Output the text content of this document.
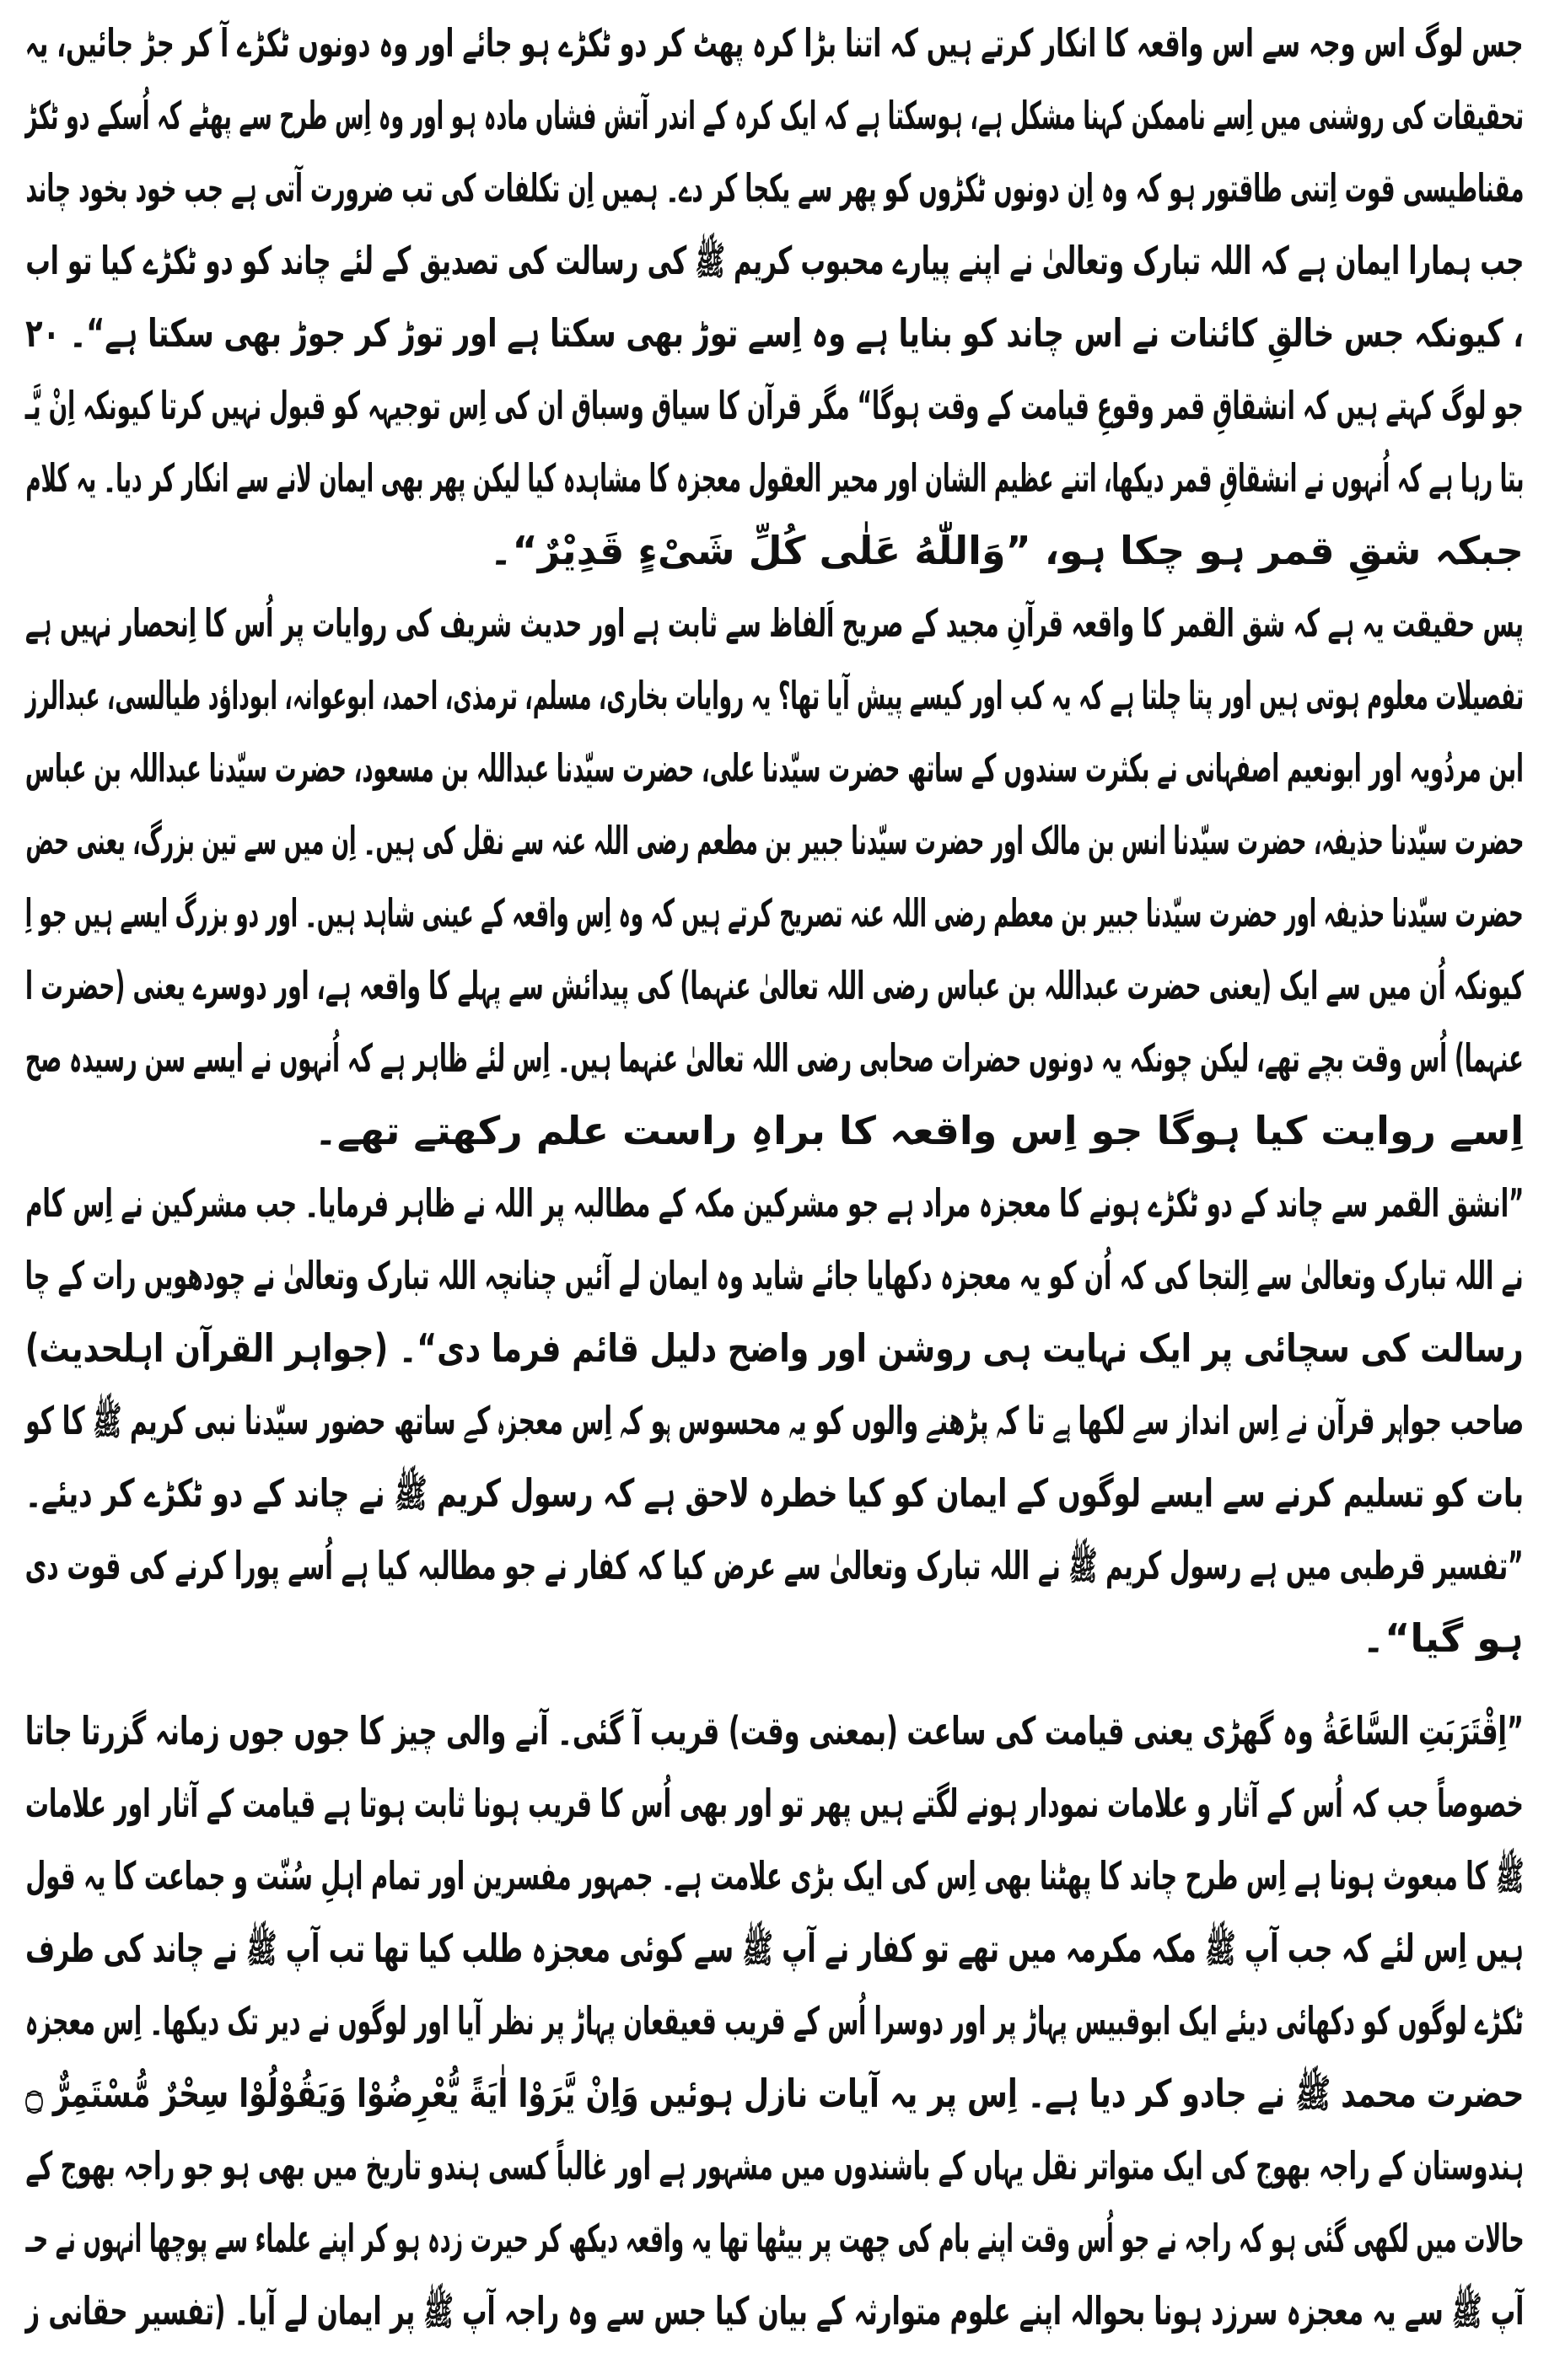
جس لوگ اس وجہ سے اس واقعہ کا انکار کرتے ہیں کہ اتنا بڑا کرہ پھٹ کر دو ٹکڑے ہو جائے اور وہ دونوں ٹکڑے آ کر جڑ جائیں، یہ
تحقیقات کی روشنی میں اِسے ناممکن کہنا مشکل ہے، ہوسکتا ہے کہ ایک کرہ کے اندر آتش فشاں مادہ ہو اور وہ اِس طرح سے پھٹے کہ اُسکے دو ٹکڑ
مقناطیسی قوت اِتنی طاقتور ہو کہ وہ اِن دونوں ٹکڑوں کو پھر سے یکجا کر دے۔ ہمیں اِن تکلفات کی تب ضرورت آتی ہے جب خود بخود چاند
جب ہمارا ایمان ہے کہ اللہ تبارک وتعالیٰ نے اپنے پیارے محبوب کریم ﷺ کی رسالت کی تصدیق کے لئے چاند کو دو ٹکڑے کیا تو اب
، کیونکہ جس خالقِ کائنات نے اس چاند کو بنایا ہے وہ اِسے توڑ بھی سکتا ہے اور توڑ کر جوڑ بھی سکتا ہے“۔ ۲۰
جو لوگ کہتے ہیں کہ انشقاقِ قمر وقوعِ قیامت کے وقت ہوگا“ مگر قرآن کا سیاق وسباق ان کی اِس توجیہہ کو قبول نہیں کرتا کیونکہ اِنْ یَّـ
بتا رہا ہے کہ اُنہوں نے انشقاقِ قمر دیکھا، اتنے عظیم الشان اور محیر العقول معجزہ کا مشاہدہ کیا لیکن پھر بھی ایمان لانے سے انکار کر دیا۔ یہ کلام
جبکہ شقِ قمر ہو چکا ہو، ”وَاللّٰهُ عَلٰى كُلِّ شَىْءٍ قَدِيْرٌ“۔
پس حقیقت یہ ہے کہ شق القمر کا واقعہ قرآنِ مجید کے صریح اَلفاظ سے ثابت ہے اور حدیث شریف کی روایات پر اُس کا اِنحصار نہیں ہے
تفصیلات معلوم ہوتی ہیں اور پتا چلتا ہے کہ یہ کب اور کیسے پیش آیا تھا؟ یہ روایات بخاری، مسلم، ترمذی، احمد، ابوعوانہ، ابوداؤد طیالسی، عبدالرز
ابن مردُویہ اور ابونعیم اصفہانی نے بکثرت سندوں کے ساتھ حضرت سیّدنا علی، حضرت سیّدنا عبداللہ بن مسعود، حضرت سیّدنا عبداللہ بن عباس
حضرت سیّدنا حذیفہ، حضرت سیّدنا انس بن مالک اور حضرت سیّدنا جبیر بن مطعم رضی اللہ عنہ سے نقل کی ہیں۔ اِن میں سے تین بزرگ، یعنی حض
حضرت سیّدنا حذیفہ اور حضرت سیّدنا جبیر بن معطم رضی اللہ عنہ تصریح کرتے ہیں کہ وہ اِس واقعہ کے عینی شاہد ہیں۔ اور دو بزرگ ایسے ہیں جو اِ
کیونکہ اُن میں سے ایک (یعنی حضرت عبداللہ بن عباس رضی اللہ تعالیٰ عنہما) کی پیدائش سے پہلے کا واقعہ ہے، اور دوسرے یعنی (حضرت ا
عنہما) اُس وقت بچے تھے، لیکن چونکہ یہ دونوں حضرات صحابی رضی اللہ تعالیٰ عنہما ہیں۔ اِس لئے ظاہر ہے کہ اُنہوں نے ایسے سن رسیدہ صح
اِسے روایت کیا ہوگا جو اِس واقعہ کا براہِ راست علم رکھتے تھے۔
”انشق القمر سے چاند کے دو ٹکڑے ہونے کا معجزہ مراد ہے جو مشرکین مکہ کے مطالبہ پر اللہ نے ظاہر فرمایا۔ جب مشرکین نے اِس کام
نے اللہ تبارک وتعالیٰ سے اِلتجا کی کہ اُن کو یہ معجزہ دکھایا جائے شاید وہ ایمان لے آئیں چنانچہ اللہ تبارک وتعالیٰ نے چودھویں رات کے چا
رسالت کی سچائی پر ایک نہایت ہی روشن اور واضح دلیل قائم فرما دی“۔ (جواہر القرآن اہلحدیث)
صاحب جواہر قرآن نے اِس انداز سے لکھا ہے تا کہ پڑھنے والوں کو یہ محسوس ہو کہ اِس معجزہ کے ساتھ حضور سیّدنا نبی کریم ﷺ کا کو
بات کو تسلیم کرنے سے ایسے لوگوں کے ایمان کو کیا خطرہ لاحق ہے کہ رسول کریم ﷺ نے چاند کے دو ٹکڑے کر دیئے۔
”تفسیر قرطبی میں ہے رسول کریم ﷺ نے اللہ تبارک وتعالیٰ سے عرض کیا کہ کفار نے جو مطالبہ کیا ہے اُسے پورا کرنے کی قوت دی
ہو گیا“۔
”اِقْتَرَبَتِ السَّاعَةُ وہ گھڑی یعنی قیامت کی ساعت (بمعنی وقت) قریب آ گئی۔ آنے والی چیز کا جوں جوں زمانہ گزرتا جاتا
خصوصاً جب کہ اُس کے آثار و علامات نمودار ہونے لگتے ہیں پھر تو اور بھی اُس کا قریب ہونا ثابت ہوتا ہے قیامت کے آثار اور علامات
ﷺ کا مبعوث ہونا ہے اِس طرح چاند کا پھٹنا بھی اِس کی ایک بڑی علامت ہے۔ جمہور مفسرین اور تمام اہلِ سُنّت و جماعت کا یہ قول
ہیں اِس لئے کہ جب آپ ﷺ مکہ مکرمہ میں تھے تو کفار نے آپ ﷺ سے کوئی معجزہ طلب کیا تھا تب آپ ﷺ نے چاند کی طرف
ٹکڑے لوگوں کو دکھائی دیئے ایک ابوقبیس پہاڑ پر اور دوسرا اُس کے قریب قعیقعان پہاڑ پر نظر آیا اور لوگوں نے دیر تک دیکھا۔ اِس معجزہ
حضرت محمد ﷺ نے جادو کر دیا ہے۔ اِس پر یہ آیات نازل ہوئیں وَاِنْ يَّرَوْا اٰيَةً يُّعْرِضُوْا وَيَقُوْلُوْا سِحْرٌ مُّسْتَمِرٌّ ۝
ہندوستان کے راجہ بھوج کی ایک متواتر نقل یہاں کے باشندوں میں مشہور ہے اور غالباً کسی ہندو تاریخ میں بھی ہو جو راجہ بھوج کے
حالات میں لکھی گئی ہو کہ راجہ نے جو اُس وقت اپنے بام کی چھت پر بیٹھا تھا یہ واقعہ دیکھ کر حیرت زدہ ہو کر اپنے علماء سے پوچھا انہوں نے حـ
آپ ﷺ سے یہ معجزہ سرزد ہونا بحوالہ اپنے علوم متوارثہ کے بیان کیا جس سے وہ راجہ آپ ﷺ پر ایمان لے آیا۔ (تفسیر حقانی ز
